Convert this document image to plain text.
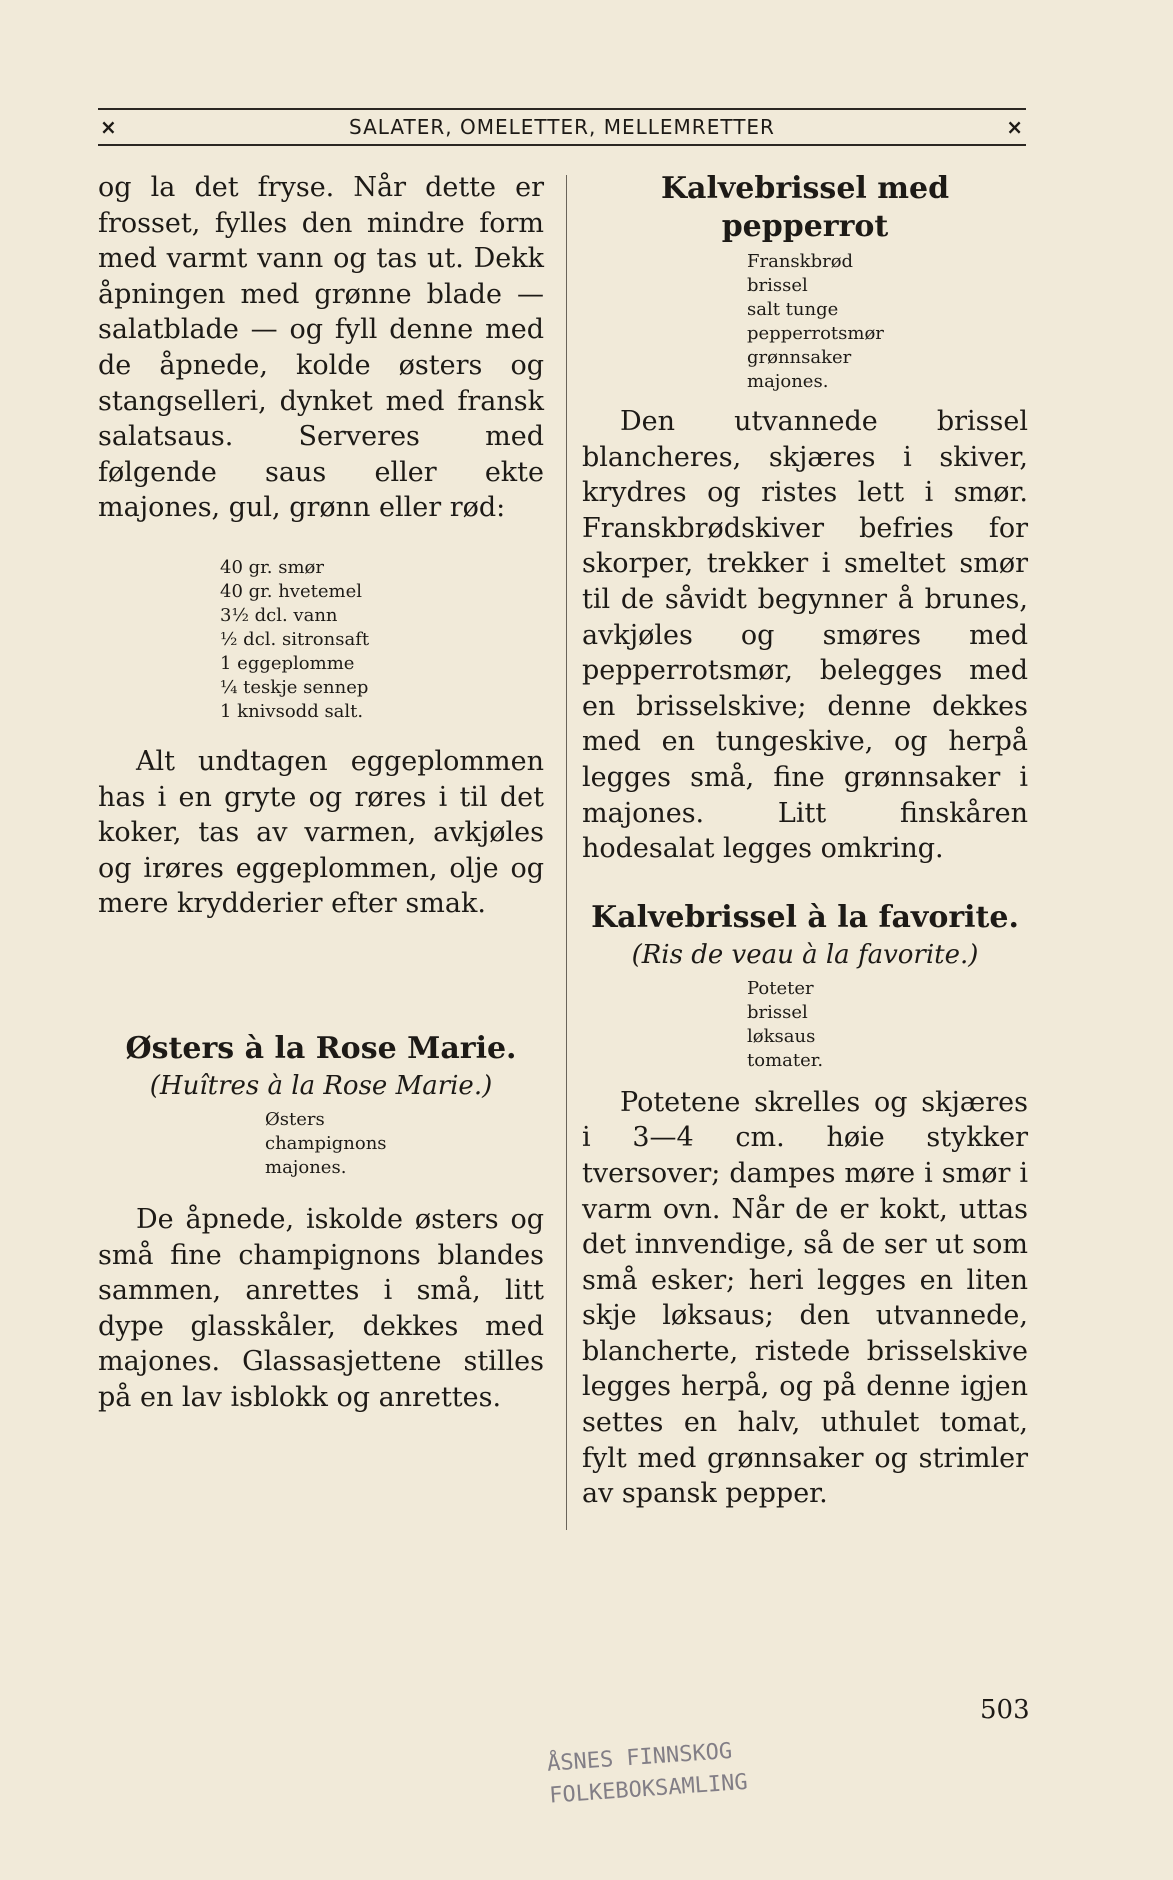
×	SALATER, OMELETTER, MELLEMRETTER	×

og la det fryse. Når dette er frosset, fylles den mindre form med varmt vann og tas ut. Dekk åpningen med grønne blade — salatblade — og fyll denne med de åpnede, kolde østers og stangselleri, dynket med fransk salatsaus. Serveres med følgende saus eller ekte majones, gul, grønn eller rød:

40 gr. smør

40 gr. hvetemel

3½ dcl. vann

½ dcl. sitronsaft

1 eggeplomme

¼ teskje sennep

1 knivsodd salt.

Alt undtagen eggeplommen has i en gryte og røres i til det koker, tas av varmen, avkjøles og irøres eggeplommen, olje og mere krydderier efter smak.

Østers à la Rose Marie.

(Huîtres à la Rose Marie.)

Østers

champignons

majones.

De åpnede, iskolde østers og små fine champignons blandes sammen, anrettes i små, litt dype glasskåler, dekkes med majones. Glassasjettene stilles på en lav isblokk og anrettes.

Kalvebrissel med pepperrot

Franskbrød

brissel

salt tunge

pepperrotsmør

grønnsaker

majones.

Den utvannede brissel blancheres, skjæres i skiver, krydres og ristes lett i smør. Franskbrødskiver befries for skorper, trekker i smeltet smør til de såvidt begynner å brunes, avkjøles og smøres med pepperrotsmør, belegges med en brisselskive; denne dekkes med en tungeskive, og herpå legges små, fine grønnsaker i majones. Litt finskåren hodesalat legges omkring.

Kalvebrissel à la favorite.

(Ris de veau à la favorite.)

Poteter

brissel

løksaus

tomater.

Potetene skrelles og skjæres i 3—4 cm. høie stykker tversover; dampes møre i smør i varm ovn. Når de er kokt, uttas det innvendige, så de ser ut som små esker; heri legges en liten skje løksaus; den utvannede, blancherte, ristede brisselskive legges herpå, og på denne igjen settes en halv, uthulet tomat, fylt med grønnsaker og strimler av spansk pepper.

503
ÅSNES FINNSKOG
FOLKEBOKSAMLING
